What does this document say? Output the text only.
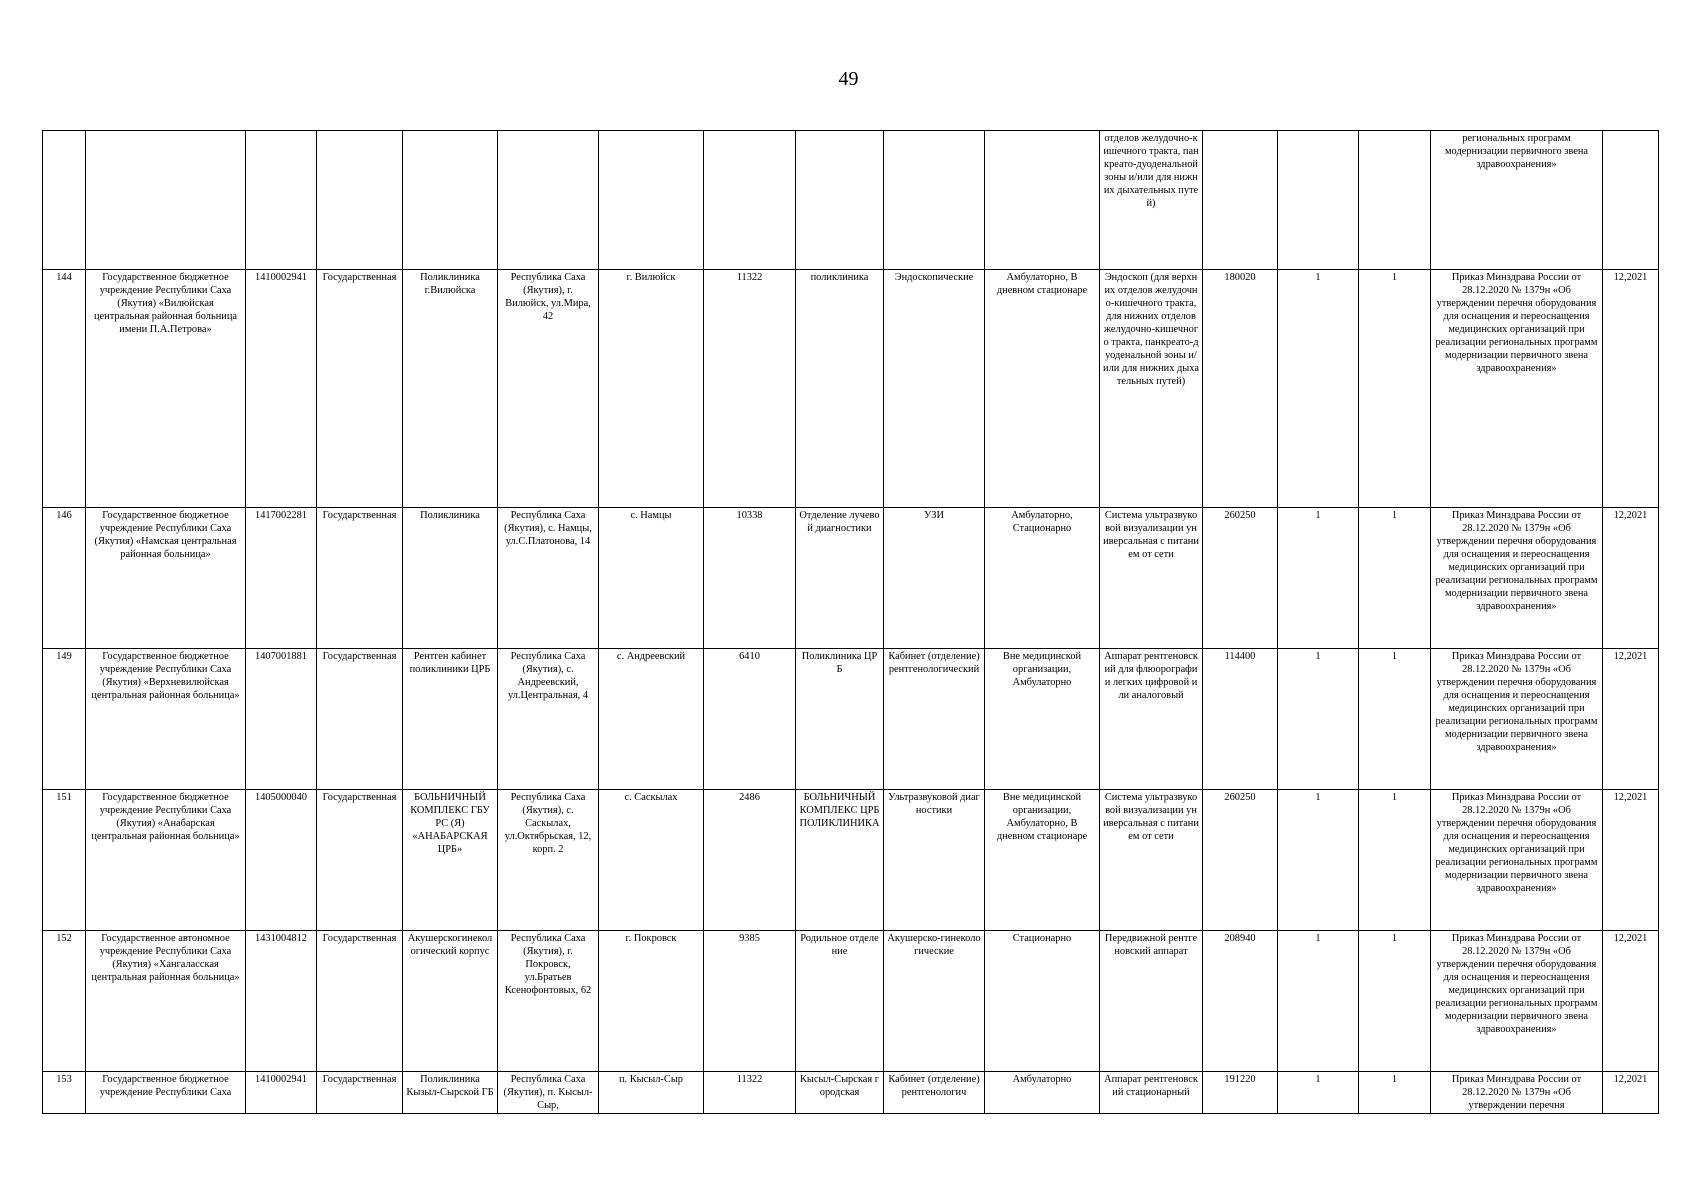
49
											отделов желудочно-кишечного тракта, панкреато-дуоденальной зоны и/или для нижних дыхательных путей)				региональных программ модернизации первичного звена здравоохранения»	
144	Государственное бюджетное учреждение Республики Саха (Якутия) «Вилюйская центральная районная больница имени П.А.Петрова»	1410002941	Государственная	Поликлиника г.Вилюйска	Республика Саха (Якутия), г. Вилюйск, ул.Мира, 42	г. Вилюйск	11322	поликлиника	Эндоскопические	Амбулаторно, В дневном стационаре	Эндоскоп (для верхних отделов желудочно-кишечного тракта, для нижних отделов желудочно-кишечного тракта, панкреато-дуоденальной зоны и/или для нижних дыхательных путей)	180020	1	1	Приказ Минздрава России от 28.12.2020 № 1379н «Об утверждении перечня оборудования для оснащения и переоснащения медицинских организаций при реализации региональных программ модернизации первичного звена здравоохранения»	12,2021
146	Государственное бюджетное учреждение Республики Саха (Якутия) «Намская центральная районная больница»	1417002281	Государственная	Поликлиника	Республика Саха (Якутия), с. Намцы, ул.С.Платонова, 14	с. Намцы	10338	Отделение лучевой диагностики	УЗИ	Амбулаторно, Стационарно	Система ультразвуковой визуализации универсальная с питанием от сети	260250	1	1	Приказ Минздрава России от 28.12.2020 № 1379н «Об утверждении перечня оборудования для оснащения и переоснащения медицинских организаций при реализации региональных программ модернизации первичного звена здравоохранения»	12,2021
149	Государственное бюджетное учреждение Республики Саха (Якутия) «Верхневилюйская центральная районная больница»	1407001881	Государственная	Рентген кабинет поликлиники ЦРБ	Республика Саха (Якутия), с. Андреевский, ул.Центральная, 4	с. Андреевский	6410	Поликлиника ЦРБ	Кабинет (отделение) рентгенологический	Вне медицинской организации, Амбулаторно	Аппарат рентгеновский для флюорографии легких цифровой или аналоговый	114400	1	1	Приказ Минздрава России от 28.12.2020 № 1379н «Об утверждении перечня оборудования для оснащения и переоснащения медицинских организаций при реализации региональных программ модернизации первичного звена здравоохранения»	12,2021
151	Государственное бюджетное учреждение Республики Саха (Якутия) «Анабарская центральная районная больница»	1405000040	Государственная	БОЛЬНИЧНЫЙ КОМПЛЕКС ГБУ РС (Я) «АНАБАРСКАЯ ЦРБ»	Республика Саха (Якутия), с. Саскылах, ул.Октябрьская, 12, корп. 2	с. Саскылах	2486	БОЛЬНИЧНЫЙ КОМПЛЕКС ЦРБ ПОЛИКЛИНИКА	Ультразвуковой диагностики	Вне медицинской организации, Амбулаторно, В дневном стационаре	Система ультразвуковой визуализации универсальная с питанием от сети	260250	1	1	Приказ Минздрава России от 28.12.2020 № 1379н «Об утверждении перечня оборудования для оснащения и переоснащения медицинских организаций при реализации региональных программ модернизации первичного звена здравоохранения»	12,2021
152	Государственное автономное учреждение Республики Саха (Якутия) «Хангаласская центральная районная больница»	1431004812	Государственная	Акушерскогинекологический корпус	Республика Саха (Якутия), г. Покровск, ул.Братьев Ксенофонтовых, 62	г. Покровск	9385	Родильное отделение	Акушерско-гинекологические	Стационарно	Передвижной рентгеновский аппарат	208940	1	1	Приказ Минздрава России от 28.12.2020 № 1379н «Об утверждении перечня оборудования для оснащения и переоснащения медицинских организаций при реализации региональных программ модернизации первичного звена здравоохранения»	12,2021
153	Государственное бюджетное учреждение Республики Саха	1410002941	Государственная	Поликлиника Кызыл-Сырской ГБ	Республика Саха (Якутия), п. Кысыл-Сыр,	п. Кысыл-Сыр	11322	Кысыл-Сырская городская	Кабинет (отделение) рентгенологич	Амбулаторно	Аппарат рентгеновский стационарный	191220	1	1	Приказ Минздрава России от 28.12.2020 № 1379н «Об утверждении перечня	12,2021
